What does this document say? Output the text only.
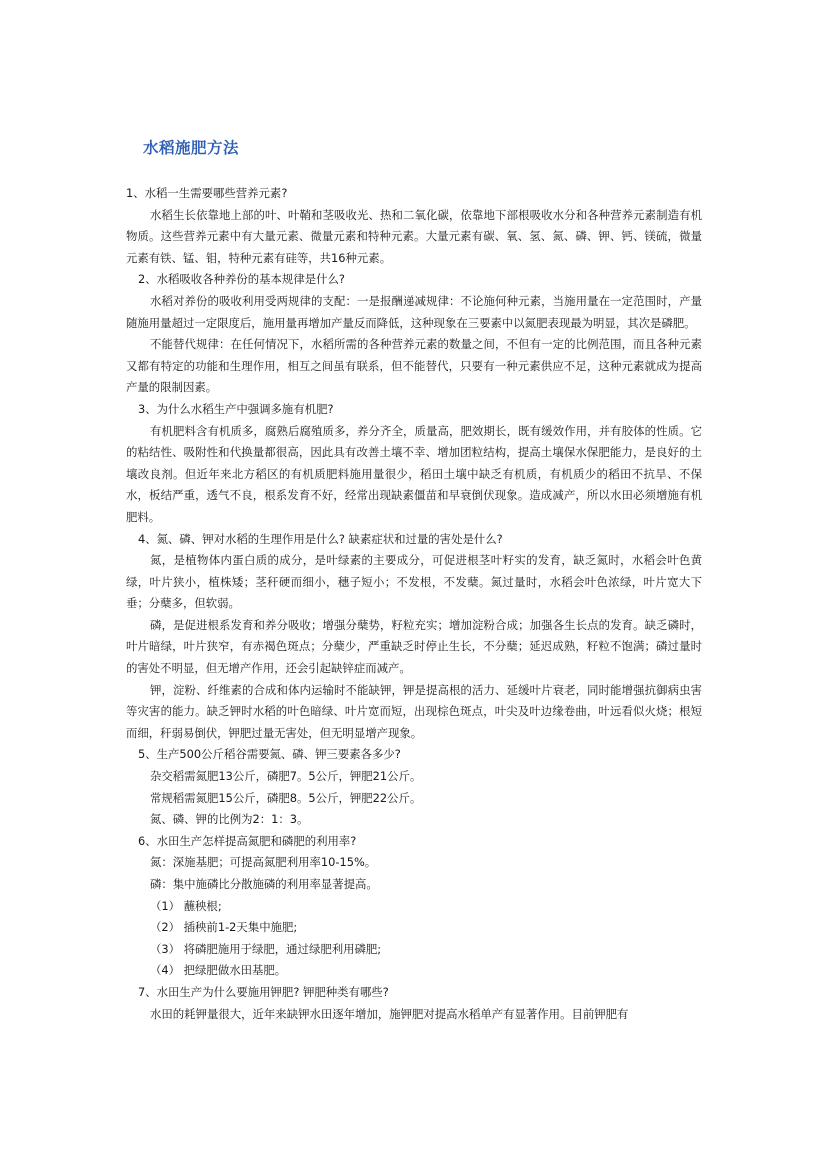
水稻施肥方法

1、水稻一生需要哪些营养元素?

水稻生长依靠地上部的叶、叶鞘和茎吸收光、热和二氧化碳，依靠地下部根吸收水分和各种营养元素制造有机物质。这些营养元素中有大量元素、微量元素和特种元素。大量元素有碳、氧、氢、氮、磷、钾、钙、镁硫，微量元素有铁、锰、钼，特种元素有硅等，共16种元素。

2、水稻吸收各种养份的基本规律是什么?

水稻对养份的吸收利用受两规律的支配：一是报酬递减规律：不论施何种元素，当施用量在一定范围时，产量随施用量超过一定限度后，施用量再增加产量反而降低，这种现象在三要素中以氮肥表现最为明显，其次是磷肥。

不能替代规律：在任何情况下，水稻所需的各种营养元素的数量之间，不但有一定的比例范围，而且各种元素又都有特定的功能和生理作用，相互之间虽有联系，但不能替代，只要有一种元素供应不足，这种元素就成为提高产量的限制因素。

3、为什么水稻生产中强调多施有机肥?

有机肥料含有机质多，腐熟后腐殖质多，养分齐全，质量高，肥效期长，既有缓效作用，并有胶体的性质。它的粘结性、吸附性和代换量都很高，因此具有改善土壤不幸、增加团粒结构，提高土壤保水保肥能力，是良好的土壤改良剂。但近年来北方稻区的有机质肥料施用量很少，稻田土壤中缺乏有机质，有机质少的稻田不抗旱、不保水，板结严重，透气不良，根系发育不好，经常出现缺素僵苗和早衰倒伏现象。造成减产，所以水田必须增施有机肥料。

4、氮、磷、钾对水稻的生理作用是什么? 缺素症状和过量的害处是什么?

氮，是植物体内蛋白质的成分，是叶绿素的主要成分，可促进根茎叶籽实的发育，缺乏氮时，水稻会叶色黄绿，叶片狭小，植株矮；茎秆硬而细小，穗子短小；不发根，不发蘖。氮过量时，水稻会叶色浓绿，叶片宽大下垂；分蘖多，但软弱。

磷，是促进根系发育和养分吸收；增强分蘖势，籽粒充实；增加淀粉合成；加强各生长点的发育。缺乏磷时，叶片暗绿，叶片狭窄，有赤褐色斑点；分蘖少，严重缺乏时停止生长，不分蘖；延迟成熟，籽粒不饱满；磷过量时的害处不明显，但无增产作用，还会引起缺锌症而减产。

钾，淀粉、纤维素的合成和体内运输时不能缺钾，钾是提高根的活力、延缓叶片衰老，同时能增强抗御病虫害等灾害的能力。缺乏钾时水稻的叶色暗绿、叶片宽而短，出现棕色斑点，叶尖及叶边缘卷曲，叶远看似火烧；根短而细，秆弱易倒伏，钾肥过量无害处，但无明显增产现象。

5、生产500公斤稻谷需要氮、磷、钾三要素各多少?

杂交稻需氮肥13公斤，磷肥7。5公斤，钾肥21公斤。

常规稻需氮肥15公斤，磷肥8。5公斤，钾肥22公斤。

氮、磷、钾的比例为2：1：3。

6、水田生产怎样提高氮肥和磷肥的利用率?

氮：深施基肥；可提高氮肥利用率10-15%。

磷：集中施磷比分散施磷的利用率显著提高。

（1） 蘸秧根;

（2） 插秧前1-2天集中施肥;

（3） 将磷肥施用于绿肥，通过绿肥利用磷肥;

（4） 把绿肥做水田基肥。

7、水田生产为什么要施用钾肥? 钾肥种类有哪些?

水田的耗钾量很大，近年来缺钾水田逐年增加，施钾肥对提高水稻单产有显著作用。目前钾肥有
